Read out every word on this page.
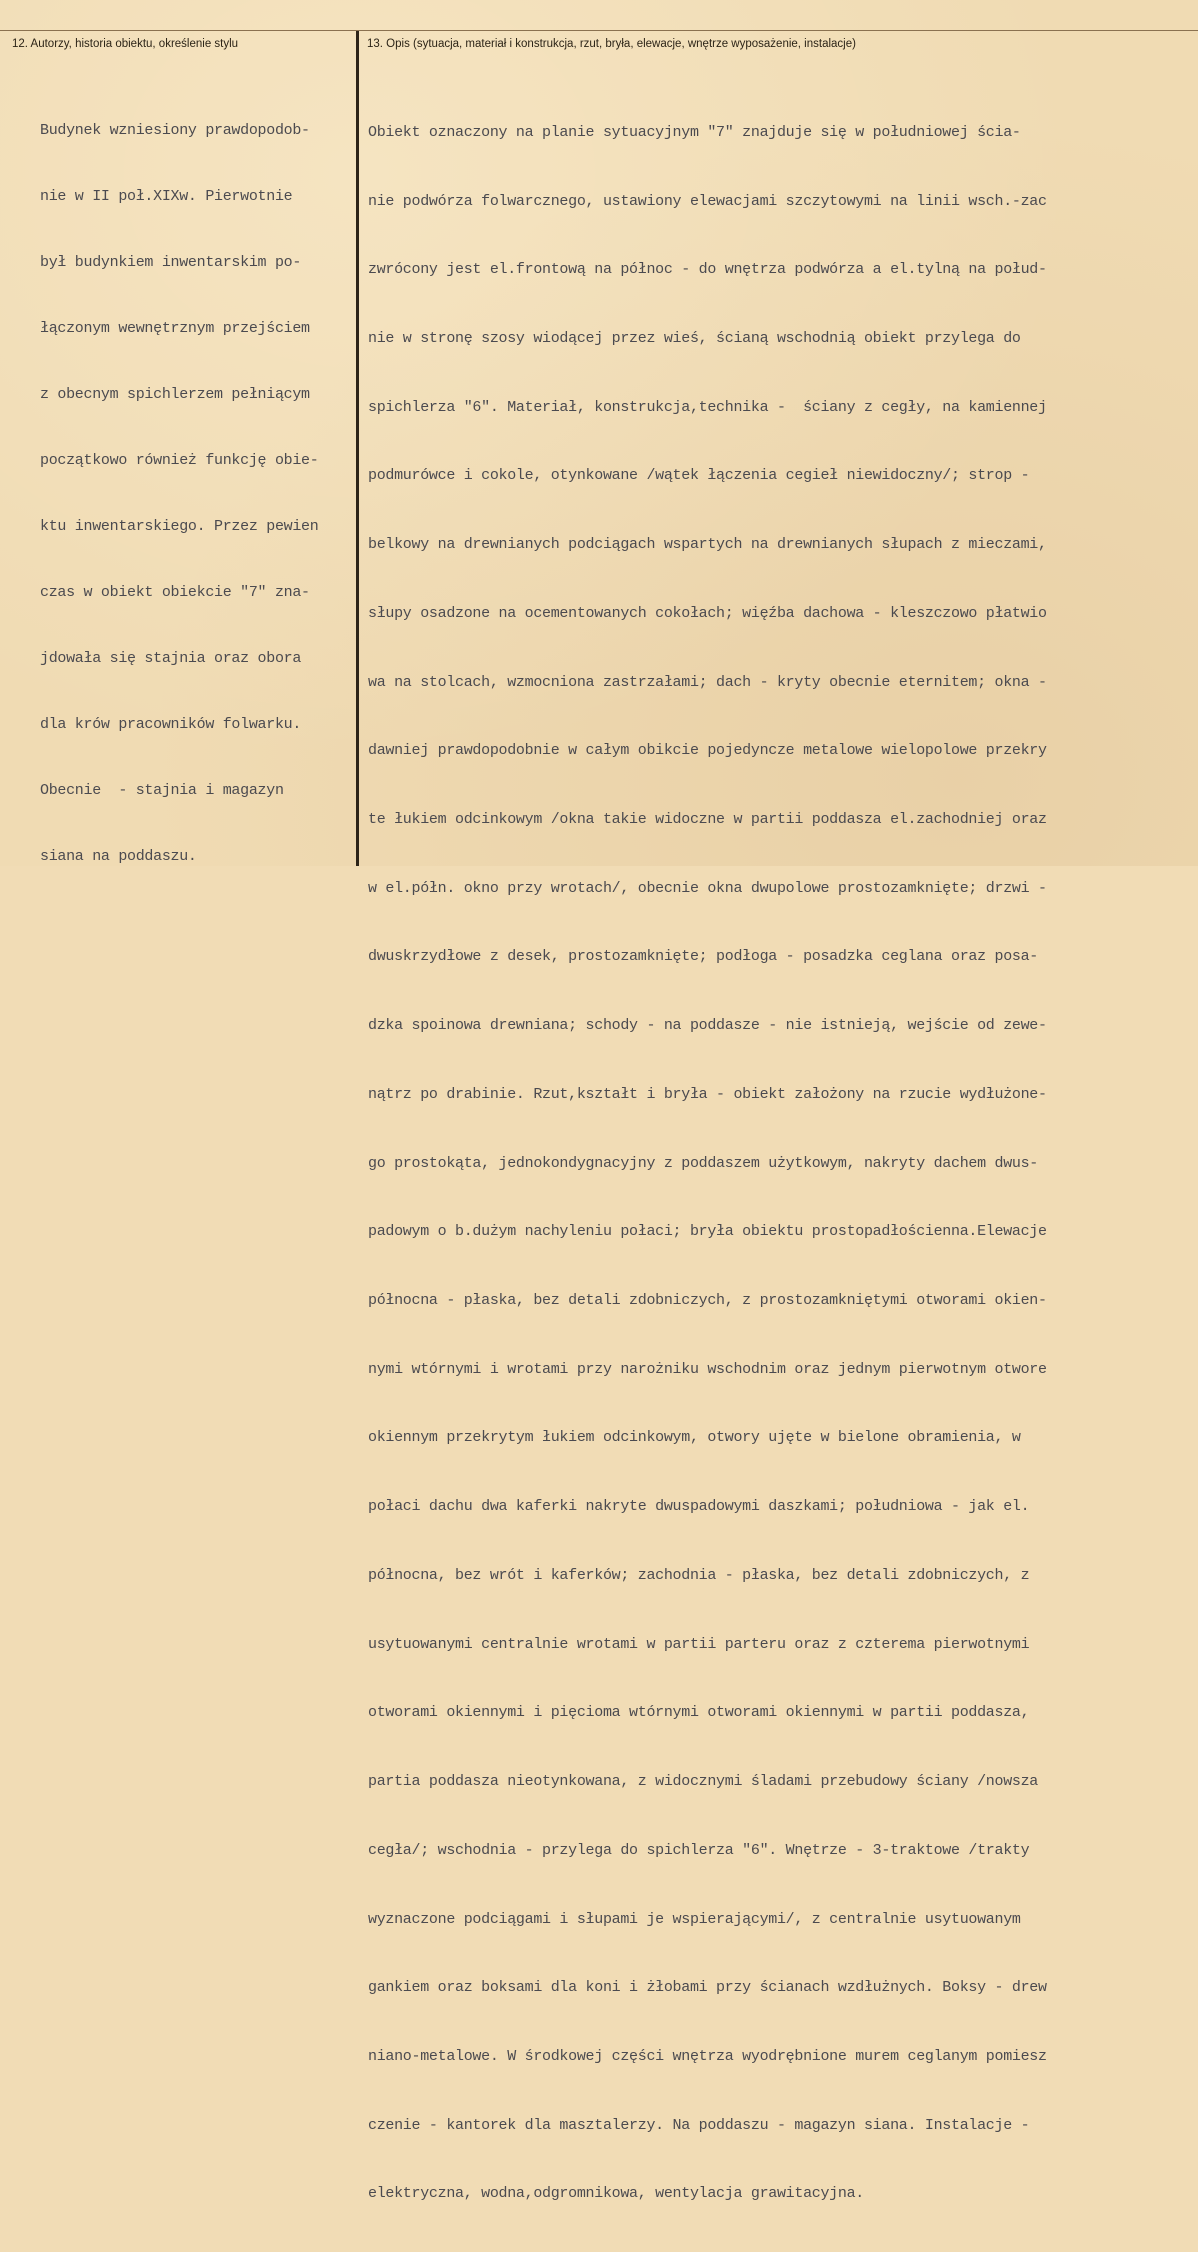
12. Autorzy, historia obiektu, określenie stylu	13. Opis (sytuacja, materiał i konstrukcja, rzut, bryła, elewacje, wnętrze wyposażenie, instalacje)

Budynek wzniesiony prawdopodob-

nie w II poł.XIXw. Pierwotnie

był budynkiem inwentarskim po-

łączonym wewnętrznym przejściem

z obecnym spichlerzem pełniącym

początkowo również funkcję obie-

ktu inwentarskiego. Przez pewien

czas w obiekt obiekcie "7" zna-

jdowała się stajnia oraz obora

dla krów pracowników folwarku.

Obecnie  - stajnia i magazyn

siana na poddaszu.

Obiekt oznaczony na planie sytuacyjnym "7" znajduje się w południowej ścia-

nie podwórza folwarcznego, ustawiony elewacjami szczytowymi na linii wsch.-zac

zwrócony jest el.frontową na północ - do wnętrza podwórza a el.tylną na połud-

nie w stronę szosy wiodącej przez wieś, ścianą wschodnią obiekt przylega do

spichlerza "6". Materiał, konstrukcja,technika -  ściany z cegły, na kamiennej

podmurówce i cokole, otynkowane /wątek łączenia cegieł niewidoczny/; strop -

belkowy na drewnianych podciągach wspartych na drewnianych słupach z mieczami,

słupy osadzone na ocementowanych cokołach; więźba dachowa - kleszczowo płatwio

wa na stolcach, wzmocniona zastrzałami; dach - kryty obecnie eternitem; okna -

dawniej prawdopodobnie w całym obikcie pojedyncze metalowe wielopolowe przekry

te łukiem odcinkowym /okna takie widoczne w partii poddasza el.zachodniej oraz

w el.półn. okno przy wrotach/, obecnie okna dwupolowe prostozamknięte; drzwi -

dwuskrzydłowe z desek, prostozamknięte; podłoga - posadzka ceglana oraz posa-

dzka spoinowa drewniana; schody - na poddasze - nie istnieją, wejście od zewe-

nątrz po drabinie. Rzut,kształt i bryła - obiekt założony na rzucie wydłużone-

go prostokąta, jednokondygnacyjny z poddaszem użytkowym, nakryty dachem dwus-

padowym o b.dużym nachyleniu połaci; bryła obiektu prostopadłościenna.Elewacje

północna - płaska, bez detali zdobniczych, z prostozamkniętymi otworami okien-

nymi wtórnymi i wrotami przy narożniku wschodnim oraz jednym pierwotnym otwore

okiennym przekrytym łukiem odcinkowym, otwory ujęte w bielone obramienia, w

połaci dachu dwa kaferki nakryte dwuspadowymi daszkami; południowa - jak el.

północna, bez wrót i kaferków; zachodnia - płaska, bez detali zdobniczych, z

usytuowanymi centralnie wrotami w partii parteru oraz z czterema pierwotnymi

otworami okiennymi i pięcioma wtórnymi otworami okiennymi w partii poddasza,

partia poddasza nieotynkowana, z widocznymi śladami przebudowy ściany /nowsza

cegła/; wschodnia - przylega do spichlerza "6". Wnętrze - 3-traktowe /trakty

wyznaczone podciągami i słupami je wspierającymi/, z centralnie usytuowanym

gankiem oraz boksami dla koni i żłobami przy ścianach wzdłużnych. Boksy - drew

niano-metalowe. W środkowej części wnętrza wyodrębnione murem ceglanym pomiesz

czenie - kantorek dla masztalerzy. Na poddaszu - magazyn siana. Instalacje -

elektryczna, wodna,odgromnikowa, wentylacja grawitacyjna.
